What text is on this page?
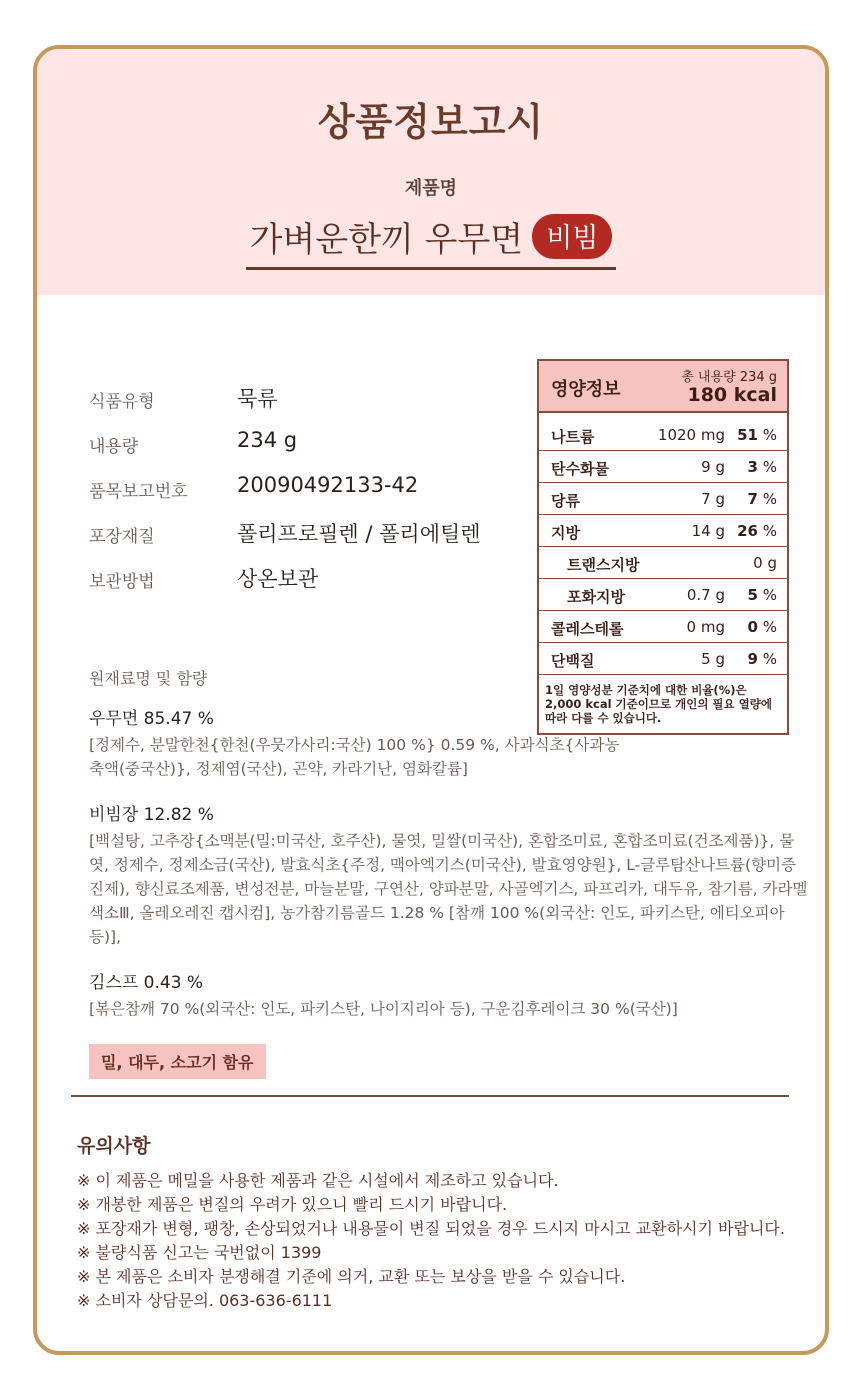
상품정보고시
제품명
가벼운한끼 우무면 비빔
식품유형	묵류
내용량	234 g
품목보고번호	20090492133-42
포장재질	폴리프로필렌 / 폴리에틸렌
보관방법	상온보관
영양정보
총 내용량 234 g
180 kcal
나트륨	1020 mg 51 %
탄수화물	9 g 3 %
당류	7 g 7 %
지방	14 g 26 %
트랜스지방	0 g
포화지방	0.7 g 5 %
콜레스테롤	0 mg 0 %
단백질	5 g 9 %
1일 영양성분 기준치에 대한 비율(%)은 2,000 kcal 기준이므로 개인의 필요 열량에 따라 다를 수 있습니다.
원재료명 및 함량
우무면 85.47 %
[정제수, 분말한천{한천(우뭇가사리:국산) 100 %} 0.59 %, 사과식초{사과농축액(중국산)}, 정제염(국산), 곤약, 카라기난, 염화칼륨]
비빔장 12.82 %
[백설탕, 고추장{소맥분(밀:미국산, 호주산), 물엿, 밀쌀(미국산), 혼합조미료, 혼합조미료(건조제품)}, 물엿, 정제수, 정제소금(국산), 발효식초{주정, 맥아엑기스(미국산), 발효영양원}, L-글루탐산나트륨(향미증진제), 향신료조제품, 변성전분, 마늘분말, 구연산, 양파분말, 사골엑기스, 파프리카, 대두유, 참기름, 카라멜색소Ⅲ, 올레오레진 캡시컴], 농가참기름골드 1.28 % [참깨 100 %(외국산: 인도, 파키스탄, 에티오피아 등)],
김스프 0.43 %
[볶은참깨 70 %(외국산: 인도, 파키스탄, 나이지리아 등), 구운김후레이크 30 %(국산)]
밀, 대두, 소고기 함유
유의사항
※ 이 제품은 메밀을 사용한 제품과 같은 시설에서 제조하고 있습니다.
※ 개봉한 제품은 변질의 우려가 있으니 빨리 드시기 바랍니다.
※ 포장재가 변형, 팽창, 손상되었거나 내용물이 변질 되었을 경우 드시지 마시고 교환하시기 바랍니다.
※ 불량식품 신고는 국번없이 1399
※ 본 제품은 소비자 분쟁해결 기준에 의거, 교환 또는 보상을 받을 수 있습니다.
※ 소비자 상담문의. 063-636-6111
